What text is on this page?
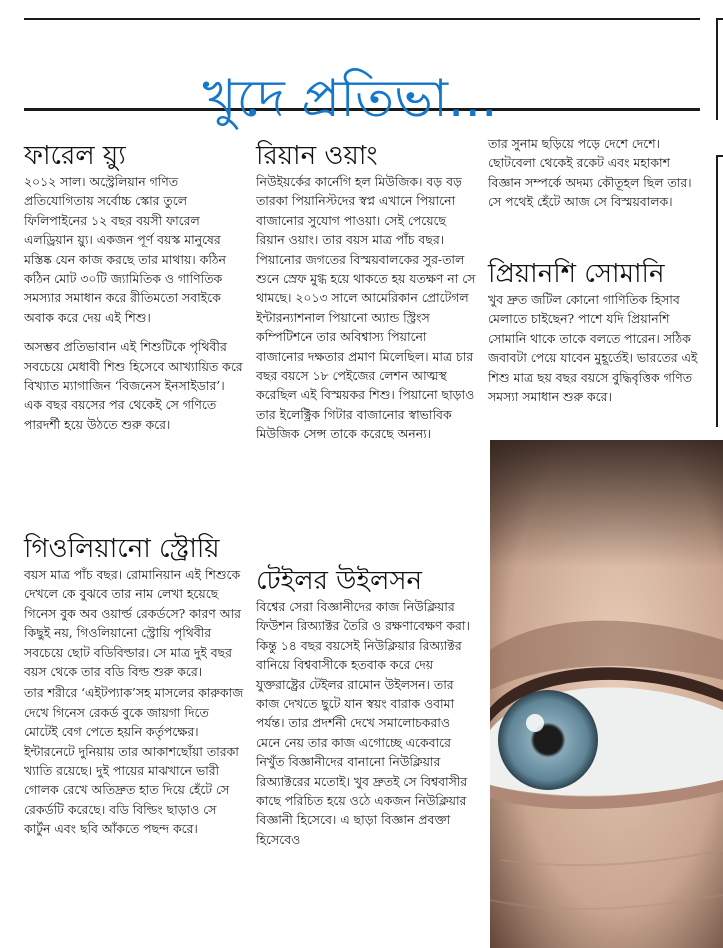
খুদে প্রতিভা...
ফারেল য়্যু

২০১২ সাল। অস্ট্রেলিয়ান গণিত প্রতিযোগিতায় সর্বোচ্চ স্কোর তুলে ফিলিপাইনের ১২ বছর বয়সী ফারেল এলড্রিয়ান য়্যু। একজন পূর্ণ বয়স্ক মানুষের মস্তিষ্ক যেন কাজ করছে তার মাথায়। কঠিন কঠিন মোট ৩০টি জ্যামিতিক ও গাণিতিক সমস্যার সমাধান করে রীতিমতো সবাইকে অবাক করে দেয় এই শিশু।

অসম্ভব প্রতিভাবান এই শিশুটিকে পৃথিবীর সবচেয়ে মেধাবী শিশু হিসেবে আখ্যায়িত করে বিখ্যাত ম্যাগাজিন ‘বিজনেস ইনসাইডার’। এক বছর বয়সের পর থেকেই সে গণিতে পারদর্শী হয়ে উঠতে শুরু করে।

গিওলিয়ানো স্ট্রোয়ি

বয়স মাত্র পাঁচ বছর। রোমানিয়ান এই শিশুকে দেখলে কে বুঝবে তার নাম লেখা হয়েছে গিনেস বুক অব ওয়ার্ল্ড রেকর্ডসে? কারণ আর কিছুই নয়, গিওলিয়ানো স্ট্রোয়ি পৃথিবীর সবচেয়ে ছোট বডিবিল্ডার। সে মাত্র দুই বছর বয়স থেকে তার বডি বিল্ড শুরু করে।

তার শরীরে ‘এইটপ্যাক’সহ মাসলের কারুকাজ দেখে গিনেস রেকর্ড বুকে জায়গা দিতে মোটেই বেগ পেতে হয়নি কর্তৃপক্ষের। ইন্টারনেটে দুনিয়ায় তার আকাশছোঁয়া তারকা খ্যাতি রয়েছে। দুই পায়ের মাঝখানে ভারী গোলক রেখে অতিদ্রুত হাত দিয়ে হেঁটে সে রেকর্ডটি করেছে। বডি বিল্ডিং ছাড়াও সে কার্টুন এবং ছবি আঁকতে পছন্দ করে।

রিয়ান ওয়াং

নিউইয়র্কের কার্নেগি হল মিউজিক। বড় বড় তারকা পিয়ানিস্টদের স্বপ্ন এখানে পিয়ানো বাজানোর সুযোগ পাওয়া। সেই পেয়েছে রিয়ান ওয়াং। তার বয়স মাত্র পাঁচ বছর। পিয়ানোর জগতের বিস্ময়বালকের সুর-তাল শুনে স্রেফ মুগ্ধ হয়ে থাকতে হয় যতক্ষণ না সে থামছে। ২০১৩ সালে আমেরিকান প্রোটেগল ইন্টারন্যাশনাল পিয়ানো অ্যান্ড স্ট্রিংস কম্পিটিশনে তার অবিশ্বাস্য পিয়ানো বাজানোর দক্ষতার প্রমাণ মিলেছিল। মাত্র চার বছর বয়সে ১৮ পেইজের লেশন আত্মস্থ করেছিল এই বিস্ময়কর শিশু। পিয়ানো ছাড়াও তার ইলেক্ট্রিক গিটার বাজানোর স্বাভাবিক মিউজিক সেন্স তাকে করেছে অনন্য।

টেইলর উইলসন

বিশ্বের সেরা বিজ্ঞানীদের কাজ নিউক্লিয়ার ফিউশন রিঅ্যাক্টর তৈরি ও রক্ষণাবেক্ষণ করা। কিন্তু ১৪ বছর বয়সেই নিউক্লিয়ার রিঅ্যাক্টর বানিয়ে বিশ্ববাসীকে হতবাক করে দেয় যুক্তরাষ্ট্রের টেইলর রামোন উইলসন। তার কাজ দেখতে ছুটে যান স্বয়ং বারাক ওবামা পর্যন্ত। তার প্রদর্শনী দেখে সমালোচকরাও মেনে নেয় তার কাজ এগোচ্ছে একেবারে নিখুঁত বিজ্ঞানীদের বানানো নিউক্লিয়ার রিঅ্যাক্টরের মতোই। খুব দ্রুতই সে বিশ্ববাসীর কাছে পরিচিত হয়ে ওঠে একজন নিউক্লিয়ার বিজ্ঞানী হিসেবে। এ ছাড়া বিজ্ঞান প্রবক্তা হিসেবেও

তার সুনাম ছড়িয়ে পড়ে দেশে দেশে। ছোটবেলা থেকেই রকেট এবং মহাকাশ বিজ্ঞান সম্পর্কে অদম্য কৌতূহল ছিল তার। সে পথেই হেঁটে আজ সে বিস্ময়বালক।

প্রিয়ানশি সোমানি

খুব দ্রুত জটিল কোনো গাণিতিক হিসাব মেলাতে চাইছেন? পাশে যদি প্রিয়ানশি সোমানি থাকে তাকে বলতে পারেন। সঠিক জবাবটা পেয়ে যাবেন মুহূর্তেই। ভারতের এই শিশু মাত্র ছয় বছর বয়সে বুদ্ধিবৃত্তিক গণিত সমস্যা সমাধান শুরু করে।
